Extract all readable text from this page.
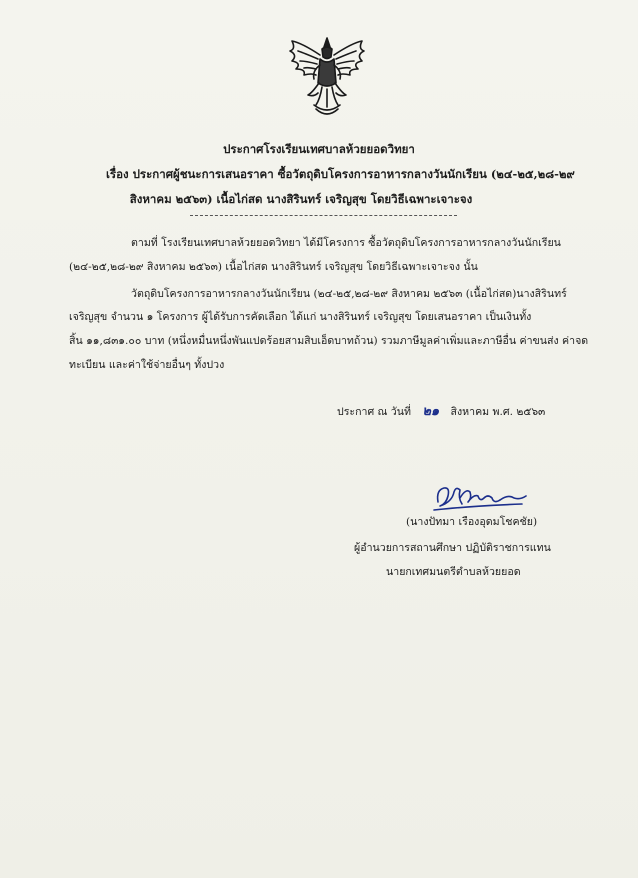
ประกาศโรงเรียนเทศบาลห้วยยอดวิทยา
เรื่อง ประกาศผู้ชนะการเสนอราคา ซื้อวัตถุดิบโครงการอาหารกลางวันนักเรียน (๒๔-๒๕,๒๘-๒๙
สิงหาคม ๒๕๖๓) เนื้อไก่สด นางสิรินทร์ เจริญสุข โดยวิธีเฉพาะเจาะจง
ตามที่ โรงเรียนเทศบาลห้วยยอดวิทยา ได้มีโครงการ ซื้อวัตถุดิบโครงการอาหารกลางวันนักเรียน
(๒๔-๒๕,๒๘-๒๙ สิงหาคม ๒๕๖๓) เนื้อไก่สด นางสิรินทร์ เจริญสุข โดยวิธีเฉพาะเจาะจง นั้น
วัตถุดิบโครงการอาหารกลางวันนักเรียน (๒๔-๒๕,๒๘-๒๙ สิงหาคม ๒๕๖๓ (เนื้อไก่สด)นางสิรินทร์
เจริญสุข จำนวน ๑ โครงการ ผู้ได้รับการคัดเลือก ได้แก่ นางสิรินทร์ เจริญสุข โดยเสนอราคา เป็นเงินทั้ง
สิ้น ๑๑,๘๓๑.๐๐ บาท (หนึ่งหมื่นหนึ่งพันแปดร้อยสามสิบเอ็ดบาทถ้วน) รวมภาษีมูลค่าเพิ่มและภาษีอื่น ค่าขนส่ง ค่าจด
ทะเบียน และค่าใช้จ่ายอื่นๆ ทั้งปวง
ประกาศ ณ วันที่ ๒๑ สิงหาคม พ.ศ. ๒๕๖๓
(นางปัทมา เรืองอุดมโชคชัย)
ผู้อำนวยการสถานศึกษา ปฏิบัติราชการแทน
นายกเทศมนตรีตำบลห้วยยอด
